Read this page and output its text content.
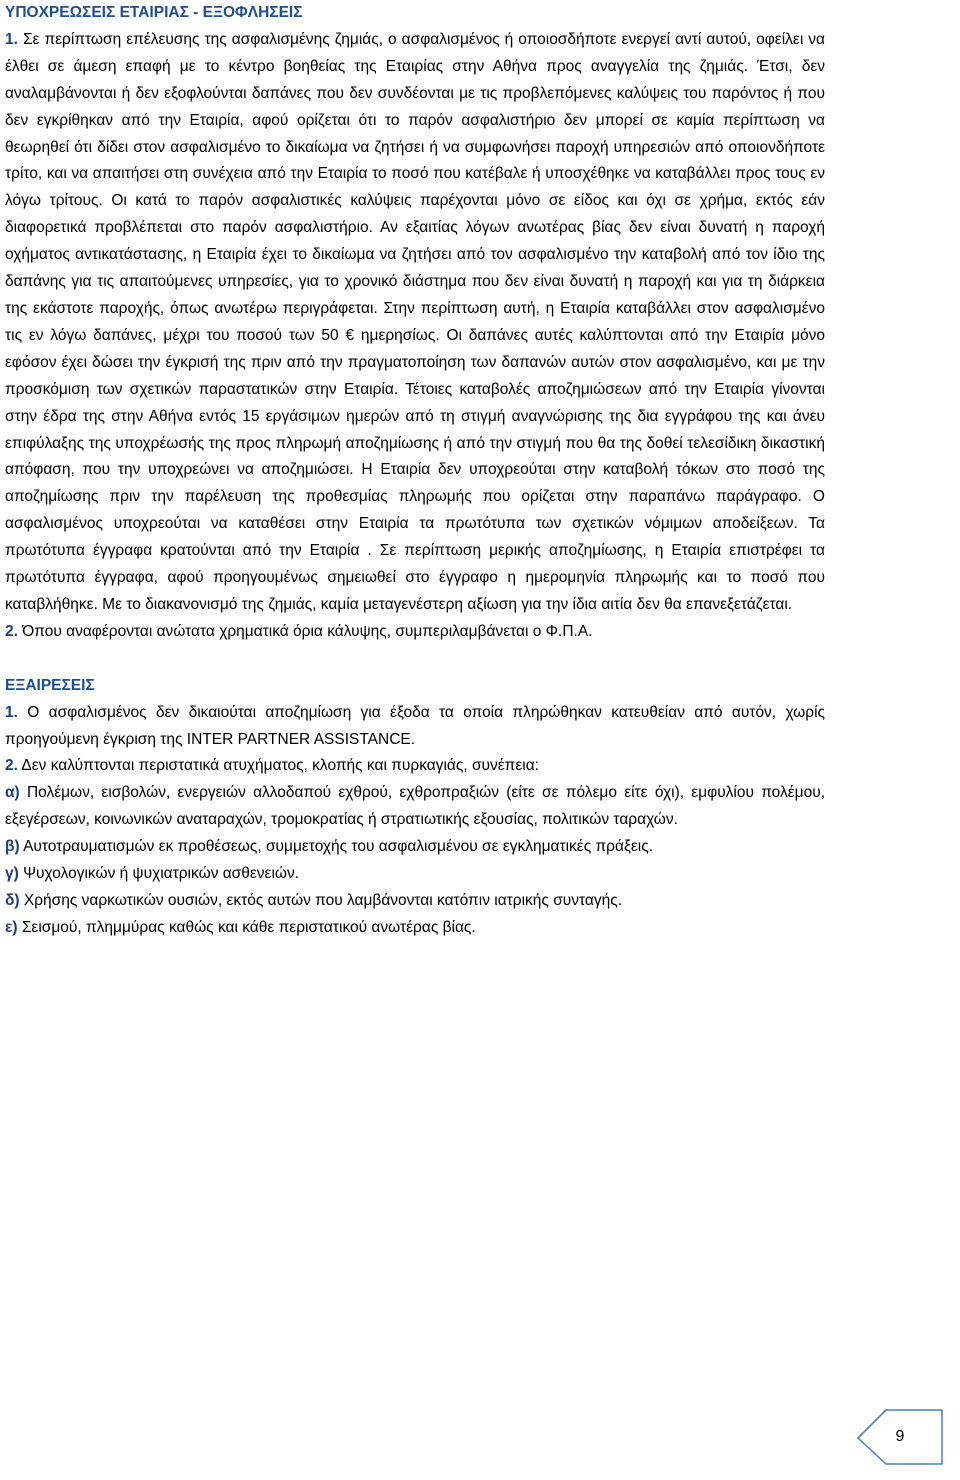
ΥΠΟΧΡΕΩΣΕΙΣ ΕΤΑΙΡΙΑΣ - ΕΞΟΦΛΗΣΕΙΣ

1. Σε περίπτωση επέλευσης της ασφαλισμένης ζημιάς, ο ασφαλισμένος ή οποιοσδήποτε ενεργεί αντί αυτού, οφείλει να έλθει σε άμεση επαφή με το κέντρο βοηθείας της Εταιρίας στην Αθήνα προς αναγγελία της ζημιάς. Έτσι, δεν αναλαμβάνονται ή δεν εξοφλούνται δαπάνες που δεν συνδέονται με τις προβλεπόμενες καλύψεις του παρόντος ή που δεν εγκρίθηκαν από την Εταιρία, αφού ορίζεται ότι το παρόν ασφαλιστήριο δεν μπορεί σε καμία περίπτωση να θεωρηθεί ότι δίδει στον ασφαλισμένο το δικαίωμα να ζητήσει ή να συμφωνήσει παροχή υπηρεσιών από οποιονδήποτε τρίτο, και να απαιτήσει στη συνέχεια από την Εταιρία το ποσό που κατέβαλε ή υποσχέθηκε να καταβάλλει προς τους εν λόγω τρίτους. Οι κατά το παρόν ασφαλιστικές καλύψεις παρέχονται μόνο σε είδος και όχι σε χρήμα, εκτός εάν διαφορετικά προβλέπεται στο παρόν ασφαλιστήριο. Αν εξαιτίας λόγων ανωτέρας βίας δεν είναι δυνατή η παροχή οχήματος αντικατάστασης, η Εταιρία έχει το δικαίωμα να ζητήσει από τον ασφαλισμένο την καταβολή από τον ίδιο της δαπάνης για τις απαιτούμενες υπηρεσίες, για το χρονικό διάστημα που δεν είναι δυνατή η παροχή και για τη διάρκεια της εκάστοτε παροχής, όπως ανωτέρω περιγράφεται. Στην περίπτωση αυτή, η Εταιρία καταβάλλει στον ασφαλισμένο τις εν λόγω δαπάνες, μέχρι του ποσού των 50 € ημερησίως. Οι δαπάνες αυτές καλύπτονται από την Εταιρία μόνο εφόσον έχει δώσει την έγκρισή της πριν από την πραγματοποίηση των δαπανών αυτών στον ασφαλισμένο, και με την προσκόμιση των σχετικών παραστατικών στην Εταιρία. Τέτοιες καταβολές αποζημιώσεων από την Εταιρία γίνονται στην έδρα της στην Αθήνα εντός 15 εργάσιμων ημερών από τη στιγμή αναγνώρισης της δια εγγράφου της και άνευ επιφύλαξης της υποχρέωσής της προς πληρωμή αποζημίωσης ή από την στιγμή που θα της δοθεί τελεσίδικη δικαστική απόφαση, που την υποχρεώνει να αποζημιώσει. Η Εταιρία δεν υποχρεούται στην καταβολή τόκων στο ποσό της αποζημίωσης πριν την παρέλευση της προθεσμίας πληρωμής που ορίζεται στην παραπάνω παράγραφο. Ο ασφαλισμένος υποχρεούται να καταθέσει στην Εταιρία τα πρωτότυπα των σχετικών νόμιμων αποδείξεων. Τα πρωτότυπα έγγραφα κρατούνται από την Εταιρία . Σε περίπτωση μερικής αποζημίωσης, η Εταιρία επιστρέφει τα πρωτότυπα έγγραφα, αφού προηγουμένως σημειωθεί στο έγγραφο η ημερομηνία πληρωμής και το ποσό που καταβλήθηκε. Με το διακανονισμό της ζημιάς, καμία μεταγενέστερη αξίωση για την ίδια αιτία δεν θα επανεξετάζεται.

2. Όπου αναφέρονται ανώτατα χρηματικά όρια κάλυψης, συμπεριλαμβάνεται ο Φ.Π.Α.

ΕΞΑΙΡΕΣΕΙΣ

1. Ο ασφαλισμένος δεν δικαιούται αποζημίωση για έξοδα τα οποία πληρώθηκαν κατευθείαν από αυτόν, χωρίς προηγούμενη έγκριση της INTER PARTNER ASSISTANCE.

2. Δεν καλύπτονται περιστατικά ατυχήματος, κλοπής και πυρκαγιάς, συνέπεια:

α) Πολέμων, εισβολών, ενεργειών αλλοδαπού εχθρού, εχθροπραξιών (είτε σε πόλεμο είτε όχι), εμφυλίου πολέμου, εξεγέρσεων, κοινωνικών αναταραχών, τρομοκρατίας ή στρατιωτικής εξουσίας, πολιτικών ταραχών.

β) Αυτοτραυματισμών εκ προθέσεως, συμμετοχής του ασφαλισμένου σε εγκληματικές πράξεις.

γ) Ψυχολογικών ή ψυχιατρικών ασθενειών.

δ) Χρήσης ναρκωτικών ουσιών, εκτός αυτών που λαμβάνονται κατόπιν ιατρικής συνταγής.

ε) Σεισμού, πλημμύρας καθώς και κάθε περιστατικού ανωτέρας βίας.

9
